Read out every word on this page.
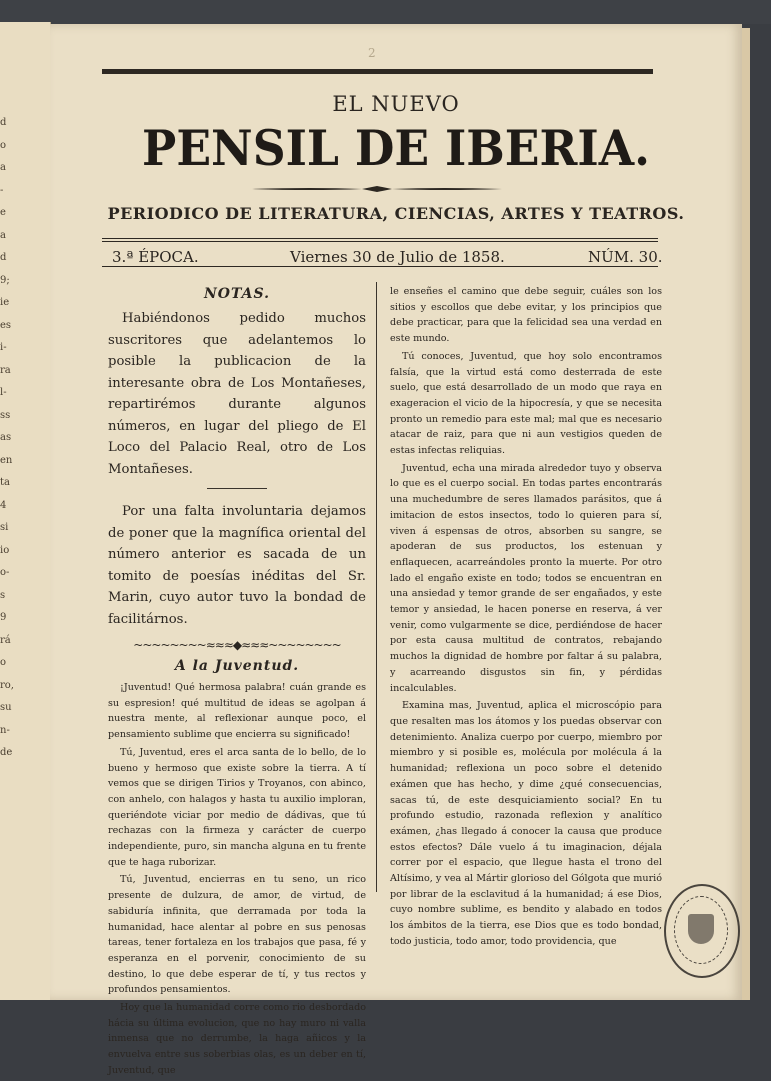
d
o
a
-
e
a
d
9;
ie
es
i-
ra
l-
ss
as
en
ta
4
si
io
o-
s
9
rá
o
ro,
su
n-
de
2
EL NUEVO
PENSIL DE IBERIA.
PERIODICO DE LITERATURA, CIENCIAS, ARTES Y TEATROS.
3.ª ÉPOCA.	Viernes 30 de Julio de 1858.	NÚM. 30.
NOTAS.

Habiéndonos pedido muchos suscritores que adelantemos lo posible la publicacion de la interesante obra de Los Montañeses, repartirémos durante algunos números, en lugar del pliego de El Loco del Palacio Real, otro de Los Montañeses.

Por una falta involuntaria dejamos de poner que la magnífica oriental del número anterior es sacada de un tomito de poesías inéditas del Sr. Marin, cuyo autor tuvo la bondad de facilitárnos.

~~~~~~~~≈≈≈◆≈≈≈~~~~~~~~
A la Juventud.

¡Juventud! Qué hermosa palabra! cuán grande es su espresion! qué multitud de ideas se agolpan á nuestra mente, al reflexionar aunque poco, el pensamiento sublime que encierra su significado!

Tú, Juventud, eres el arca santa de lo bello, de lo bueno y hermoso que existe sobre la tierra. A tí vemos que se dirigen Tirios y Troyanos, con abinco, con anhelo, con halagos y hasta tu auxilio imploran, queriéndote viciar por medio de dádivas, que tú rechazas con la firmeza y carácter de cuerpo independiente, puro, sin mancha alguna en tu frente que te haga ruborizar.

Tú, Juventud, encierras en tu seno, un rico presente de dulzura, de amor, de virtud, de sabiduría infinita, que derramada por toda la humanidad, hace alentar al pobre en sus penosas tareas, tener fortaleza en los trabajos que pasa, fé y esperanza en el porvenir, conocimiento de su destino, lo que debe esperar de tí, y tus rectos y profundos pensamientos.

Hoy que la humanidad corre como rio desbordado hácia su última evolucion, que no hay muro ni valla inmensa que no derrumbe, la haga añicos y la envuelva entre sus soberbias olas, es un deber en tí, Juventud, que

le enseñes el camino que debe seguir, cuáles son los sitios y escollos que debe evitar, y los principios que debe practicar, para que la felicidad sea una verdad en este mundo.

Tú conoces, Juventud, que hoy solo encontramos falsía, que la virtud está como desterrada de este suelo, que está desarrollado de un modo que raya en exageracion el vicio de la hipocresía, y que se necesita pronto un remedio para este mal; mal que es necesario atacar de raiz, para que ni aun vestigios queden de estas infectas reliquias.

Juventud, echa una mirada alrededor tuyo y observa lo que es el cuerpo social. En todas partes encontrarás una muchedumbre de seres llamados parásitos, que á imitacion de estos insectos, todo lo quieren para sí, viven á espensas de otros, absorben su sangre, se apoderan de sus productos, los estenuan y enflaquecen, acarreándoles pronto la muerte. Por otro lado el engaño existe en todo; todos se encuentran en una ansiedad y temor grande de ser engañados, y este temor y ansiedad, le hacen ponerse en reserva, á ver venir, como vulgarmente se dice, perdiéndose de hacer por esta causa multitud de contratos, rebajando muchos la dignidad de hombre por faltar á su palabra, y acarreando disgustos sin fin, y pérdidas incalculables.

Examina mas, Juventud, aplica el microscópio para que resalten mas los átomos y los puedas observar con detenimiento. Analiza cuerpo por cuerpo, miembro por miembro y si posible es, molécula por molécula á la humanidad; reflexiona un poco sobre el detenido exámen que has hecho, y dime ¿qué consecuencias, sacas tú, de este desquiciamiento social? En tu profundo estudio, razonada reflexion y analítico exámen, ¿has llegado á conocer la causa que produce estos efectos? Dále vuelo á tu imaginacion, déjala correr por el espacio, que llegue hasta el trono del Altísimo, y vea al Mártir glorioso del Gólgota que murió por librar de la esclavitud á la humanidad; á ese Dios, cuyo nombre sublime, es bendito y alabado en todos los ámbitos de la tierra, ese Dios que es todo bondad, todo justicia, todo amor, todo providencia, que
